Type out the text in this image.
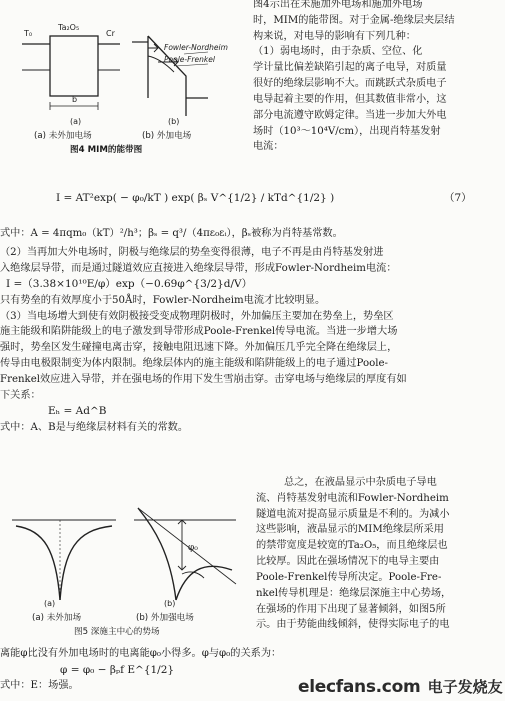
T₀
Ta₂O₅
Cr
b
Fowler-Nordheim
Poole-Frenkel
(a)	(b)
(a) 未外加电场	(b) 外加电场
图4 MIM的能带图
图4示出在未施加外电场和施加外电场
时，MIM的能带图。对于金属-绝缘层夹层结
构来说，对电导的影响有下列几种：
（1）弱电场时，由于杂质、空位、化
学计量比偏差缺陷引起的离子电导，对质量
很好的绝缘层影响不大。而跳跃式杂质电子
电导起着主要的作用，但其数值非常小，这
部分电流遵守欧姆定律。当进一步加大外电
场时（10³～10⁴V/cm），出现肖特基发射
电流：
I = AT²exp( − φ₀/kT ) exp( βₛ V^{1/2} / kTd^{1/2} )	（7）
式中：A = 4πqm₀（kT）²/h³；βₛ = q³/（4πε₀εᵢ），βₛ被称为肖特基常数。
（2）当再加大外电场时，阴极与绝缘层的势垒变得很薄，电子不再是由肖特基发射进
入绝缘层导带，而是通过隧道效应直接进入绝缘层导带，形成Fowler-Nordheim电流：
I =（3.38×10¹⁰E/φ）exp（−0.69φ^{3/2}d/V）
只有势垒的有效厚度小于50Å时，Fowler-Nordheim电流才比较明显。
（3）当电场增大到使有效阴极接受变成物理阴极时，外加偏压主要加在势垒上，势垒区
施主能级和陷阱能级上的电子激发到导带形成Poole-Frenkel传导电流。当进一步增大场
强时，势垒区发生碰撞电离击穿，接触电阻迅速下降。外加偏压几乎完全降在绝缘层上，
传导由电极限制变为体内限制。绝缘层体内的施主能级和陷阱能级上的电子通过Poole-
Frenkel效应进入导带，并在强电场的作用下发生雪崩击穿。击穿电场与绝缘层的厚度有如
下关系：
Eₕ = Ad^B
式中：A、B是与绝缘层材料有关的常数。
φ₀
(a)	(b)
(a) 未外加场	(b) 外加强电场
图5 深施主中心的势场
总之，在液晶显示中杂质电子导电
流、肖特基发射电流和Fowler-Nordheim
隧道电流对提高显示质量是不利的。为减小
这些影响，液晶显示的MIM绝缘层所采用
的禁带宽度是较宽的Ta₂O₅，而且绝缘层也
比较厚。因此在强场情况下的电导主要由
Poole-Frenkel传导所决定。Poole-Fre-
nkel传导机理是：绝缘层深施主中心势场，
在强场的作用下出现了显著倾斜，如图5所
示。由于势能曲线倾斜，使得实际电子的电
离能φ比没有外加电场时的电离能φ₀小得多。φ与φ₀的关系为：
φ = φ₀ − βₚf E^{1/2}
式中：E：场强。	elecfans.com 电子发烧友
